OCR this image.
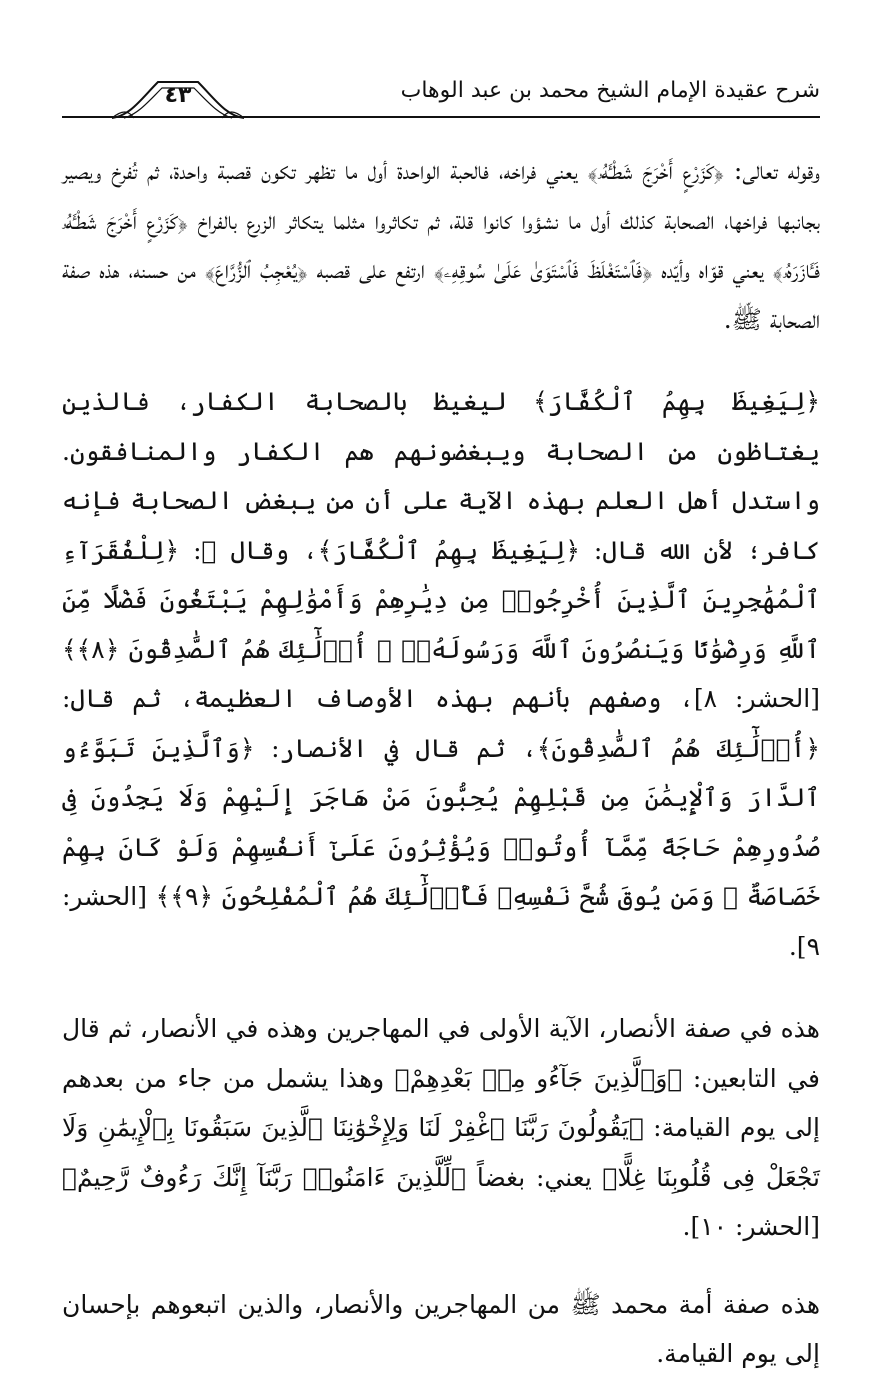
شرح عقيدة الإمام الشيخ محمد بن عبد الوهاب
٤٣

وقوله تعالى: ﴿كَزَرْعٍ أَخْرَجَ شَطْـَٔهُۥ﴾ يعني فراخه، فالحبة الواحدة أول ما تظهر تكون قصبة واحدة، ثم تُفرخ ويصير بجانبها فراخها، الصحابة كذلك أول ما نشؤوا كانوا قلة، ثم تكاثروا مثلما يتكاثر الزرع بالفراخ ﴿كَزَرْعٍ أَخْرَجَ شَطْـَٔهُۥ فَـَٔازَرَهُۥ﴾ يعني قوّاه وأيّده ﴿فَٱسْتَغْلَظَ فَٱسْتَوَىٰ عَلَىٰ سُوقِهِۦ﴾ ارتفع على قصبه ﴿يُعْجِبُ ٱلزُّرَّاعَ﴾ من حسنه، هذه صفة الصحابة ﷺ.

﴿لِيَغِيظَ بِهِمُ ٱلْكُفَّارَ﴾ ليغيظ بالصحابة الكفار، فالذين يغتاظون من الصحابة ويبغضونهم هم الكفار والمنافقون. واستدل أهل العلم بهذه الآية على أن من يبغض الصحابة فإنه كافر؛ لأن الله قال: ﴿لِيَغِيظَ بِهِمُ ٱلْكُفَّارَ﴾، وقال ﷺ: ﴿لِلْفُقَرَآءِ ٱلْمُهَٰجِرِينَ ٱلَّذِينَ أُخْرِجُوا۟ مِن دِيَٰرِهِمْ وَأَمْوَٰلِهِمْ يَبْتَغُونَ فَضْلًا مِّنَ ٱللَّهِ وَرِضْوَٰنًا وَيَنصُرُونَ ٱللَّهَ وَرَسُولَهُۥٓ ۚ أُو۟لَٰٓئِكَ هُمُ ٱلصَّٰدِقُونَ ﴿٨﴾﴾ [الحشر: ٨]، وصفهم بأنهم بهذه الأوصاف العظيمة، ثم قال: ﴿أُو۟لَٰٓئِكَ هُمُ ٱلصَّٰدِقُونَ﴾، ثم قال في الأنصار: ﴿وَٱلَّذِينَ تَبَوَّءُو ٱلدَّارَ وَٱلْإِيمَٰنَ مِن قَبْلِهِمْ يُحِبُّونَ مَنْ هَاجَرَ إِلَيْهِمْ وَلَا يَجِدُونَ فِى صُدُورِهِمْ حَاجَةً مِّمَّآ أُوتُوا۟ وَيُؤْثِرُونَ عَلَىٰٓ أَنفُسِهِمْ وَلَوْ كَانَ بِهِمْ خَصَاصَةٌ ۚ وَمَن يُوقَ شُحَّ نَفْسِهِۦ فَأُو۟لَٰٓئِكَ هُمُ ٱلْمُفْلِحُونَ ﴿٩﴾﴾ [الحشر: ٩].

هذه في صفة الأنصار، الآية الأولى في المهاجرين وهذه في الأنصار، ثم قال في التابعين: ﴿وَٱلَّذِينَ جَآءُو مِنۢ بَعْدِهِمْ﴾ وهذا يشمل من جاء من بعدهم إلى يوم القيامة: ﴿يَقُولُونَ رَبَّنَا ٱغْفِرْ لَنَا وَلِإِخْوَٰنِنَا ٱلَّذِينَ سَبَقُونَا بِٱلْإِيمَٰنِ وَلَا تَجْعَلْ فِى قُلُوبِنَا غِلًّا﴾ يعني: بغضاً ﴿لِّلَّذِينَ ءَامَنُوا۟ رَبَّنَآ إِنَّكَ رَءُوفٌ رَّحِيمٌ﴾ [الحشر: ١٠].

هذه صفة أمة محمد ﷺ من المهاجرين والأنصار، والذين اتبعوهم بإحسان إلى يوم القيامة.
